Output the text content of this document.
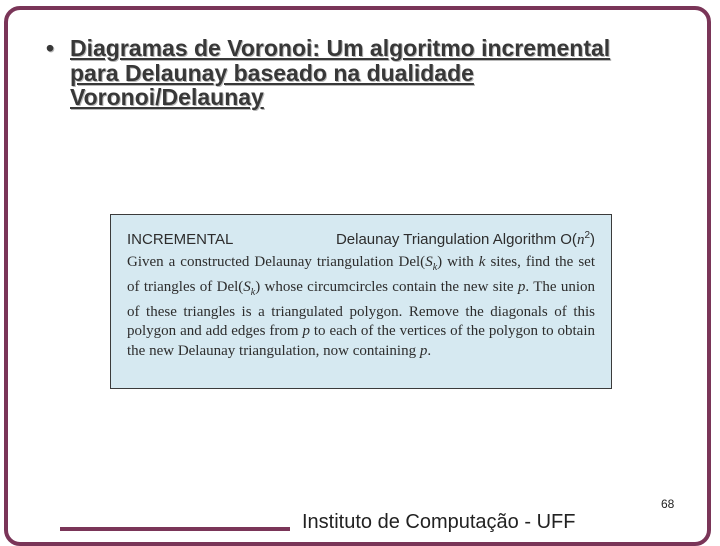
• Diagramas de Voronoi: Um algoritmo incremental para Delaunay baseado na dualidade Voronoi/Delaunay
INCREMENTAL	Delaunay Triangulation Algorithm $O(n^2)$

Given a constructed Delaunay triangulation $Del(S_k)$ with k sites, find the set of triangles of $Del(S_k)$ whose circumcircles contain the new site p. The union of these triangles is a triangulated polygon. Remove the diagonals of this polygon and add edges from p to each of the vertices of the polygon to obtain the new Delaunay triangulation, now containing p.

68
Instituto de Computação - UFF
